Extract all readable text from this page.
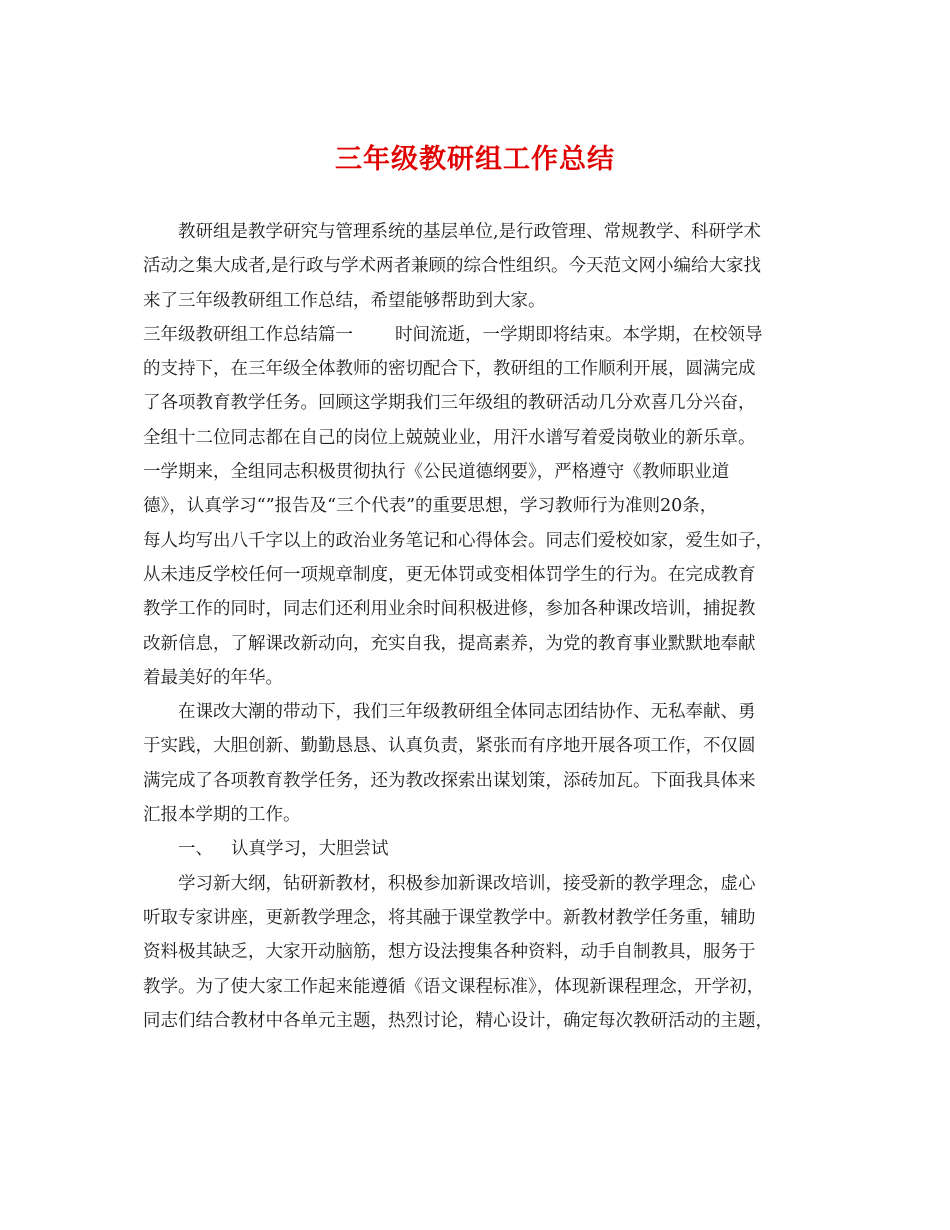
三年级教研组工作总结
教研组是教学研究与管理系统的基层单位,是行政管理、常规教学、科研学术
活动之集大成者,是行政与学术两者兼顾的综合性组织。今天范文网小编给大家找
来了三年级教研组工作总结，希望能够帮助到大家。
三年级教研组工作总结篇一 时间流逝，一学期即将结束。本学期，在校领导
的支持下，在三年级全体教师的密切配合下，教研组的工作顺利开展，圆满完成
了各项教育教学任务。回顾这学期我们三年级组的教研活动几分欢喜几分兴奋，
全组十二位同志都在自己的岗位上兢兢业业，用汗水谱写着爱岗敬业的新乐章。
一学期来，全组同志积极贯彻执行《公民道德纲要》，严格遵守《教师职业道
德》，认真学习“”报告及“三个代表”的重要思想，学习教师行为准则20条，
每人均写出八千字以上的政治业务笔记和心得体会。同志们爱校如家，爱生如子，
从未违反学校任何一项规章制度，更无体罚或变相体罚学生的行为。在完成教育
教学工作的同时，同志们还利用业余时间积极进修，参加各种课改培训，捕捉教
改新信息，了解课改新动向，充实自我，提高素养，为党的教育事业默默地奉献
着最美好的年华。
在课改大潮的带动下，我们三年级教研组全体同志团结协作、无私奉献、勇
于实践，大胆创新、勤勤恳恳、认真负责，紧张而有序地开展各项工作，不仅圆
满完成了各项教育教学任务，还为教改探索出谋划策，添砖加瓦。下面我具体来
汇报本学期的工作。
一、 认真学习，大胆尝试
学习新大纲，钻研新教材，积极参加新课改培训，接受新的教学理念，虚心
听取专家讲座，更新教学理念，将其融于课堂教学中。新教材教学任务重，辅助
资料极其缺乏，大家开动脑筋，想方设法搜集各种资料，动手自制教具，服务于
教学。为了使大家工作起来能遵循《语文课程标准》，体现新课程理念，开学初，
同志们结合教材中各单元主题，热烈讨论，精心设计，确定每次教研活动的主题，
